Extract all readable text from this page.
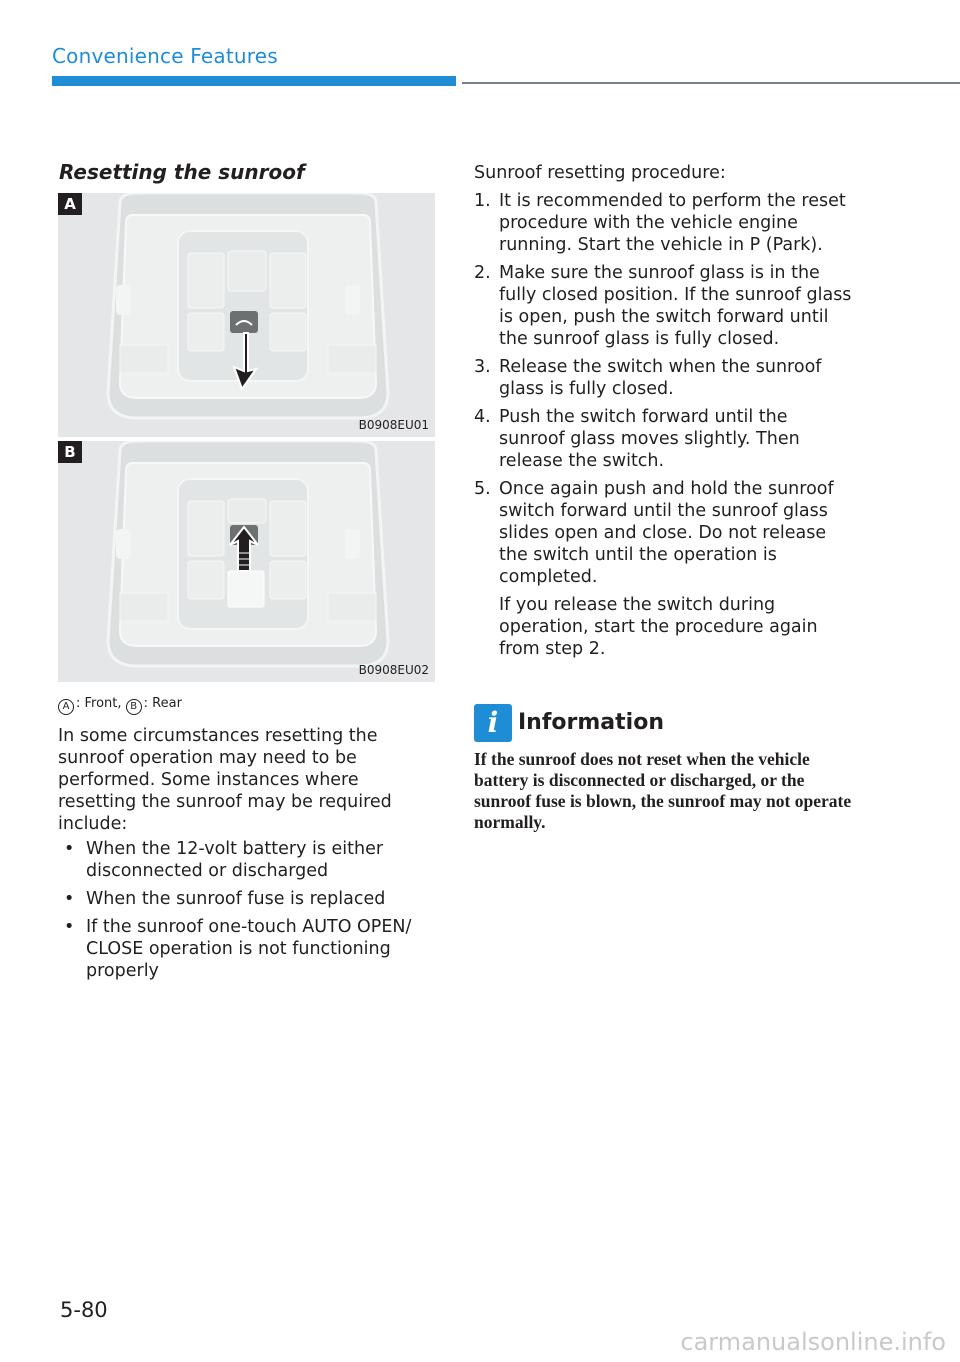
Convenience Features
Resetting the sunroof
A
B0908EU01
B
B0908EU02
A : Front, B : Rear

In some circumstances resetting the sunroof operation may need to be performed. Some instances where resetting the sunroof may be required include:

• When the 12-volt battery is either disconnected or discharged
• When the sunroof fuse is replaced
• If the sunroof one-touch AUTO OPEN/ CLOSE operation is not functioning properly
Sunroof resetting procedure:
1. It is recommended to perform the reset procedure with the vehicle engine running. Start the vehicle in P (Park).
2. Make sure the sunroof glass is in the fully closed position. If the sunroof glass is open, push the switch forward until the sunroof glass is fully closed.
3. Release the switch when the sunroof glass is fully closed.
4. Push the switch forward until the sunroof glass moves slightly. Then release the switch.
5. Once again push and hold the sunroof switch forward until the sunroof glass slides open and close. Do not release the switch until the operation is completed.
If you release the switch during operation, start the procedure again from step 2.
i Information
If the sunroof does not reset when the vehicle battery is disconnected or discharged, or the sunroof fuse is blown, the sunroof may not operate normally.
5-80
carmanualsonline.info
